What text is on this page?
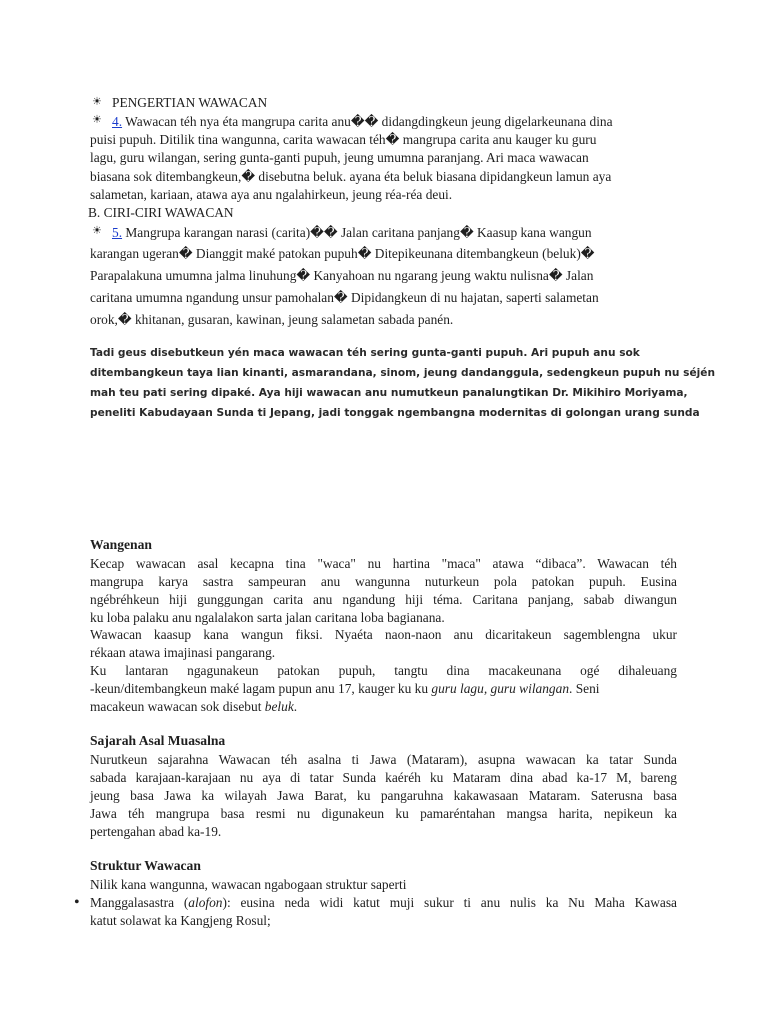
☀ PENGERTIAN WAWACAN
☀ 4. Wawacan téh nya éta mangrupa carita anu�� didangdingkeun jeung digelarkeunana dina
puisi pupuh. Ditilik tina wangunna, carita wawacan téh� mangrupa carita anu kauger ku guru
lagu, guru wilangan, sering gunta-ganti pupuh, jeung umumna paranjang. Ari maca wawacan
biasana sok ditembangkeun,� disebutna beluk. ayana éta beluk biasana dipidangkeun lamun aya
salametan, kariaan, atawa aya anu ngalahirkeun, jeung réa-réa deui.
B. CIRI-CIRI WAWACAN
☀ 5. Mangrupa karangan narasi (carita)�� Jalan caritana panjang� Kaasup kana wangun
karangan ugeran� Dianggit maké patokan pupuh� Ditepikeunana ditembangkeun (beluk)�
Parapalakuna umumna jalma linuhung� Kanyahoan nu ngarang jeung waktu nulisna� Jalan
caritana umumna ngandung unsur pamohalan� Dipidangkeun di nu hajatan, saperti salametan
orok,� khitanan, gusaran, kawinan, jeung salametan sabada panén.
Tadi geus disebutkeun yén maca wawacan téh sering gunta-ganti pupuh. Ari pupuh anu sok
ditembangkeun taya lian kinanti, asmarandana, sinom, jeung dandanggula, sedengkeun pupuh nu séjén
mah teu pati sering dipaké. Aya hiji wawacan anu numutkeun panalungtikan Dr. Mikihiro Moriyama,
peneliti Kabudayaan Sunda ti Jepang, jadi tonggak ngembangna modernitas di golongan urang sunda
Wangenan
Kecap wawacan asal kecapna tina "waca" nu hartina "maca" atawa “dibaca”. Wawacan téh
mangrupa karya sastra sampeuran anu wangunna nuturkeun pola patokan pupuh. Eusina
ngébréhkeun hiji gunggungan carita anu ngandung hiji téma. Caritana panjang, sabab diwangun
ku loba palaku anu ngalalakon sarta jalan caritana loba bagianana.
Wawacan kaasup kana wangun fiksi. Nyaéta naon-naon anu dicaritakeun sagemblengna ukur
rékaan atawa imajinasi pangarang.
Ku lantaran ngagunakeun patokan pupuh, tangtu dina macakeunana ogé dihaleuang
-keun/ditembangkeun maké lagam pupun anu 17, kauger ku ku guru lagu, guru wilangan. Seni
macakeun wawacan sok disebut beluk.
Sajarah Asal Muasalna
Nurutkeun sajarahna Wawacan téh asalna ti Jawa (Mataram), asupna wawacan ka tatar Sunda
sabada karajaan-karajaan nu aya di tatar Sunda kaéréh ku Mataram dina abad ka-17 M, bareng
jeung basa Jawa ka wilayah Jawa Barat, ku pangaruhna kakawasaan Mataram. Saterusna basa
Jawa téh mangrupa basa resmi nu digunakeun ku pamaréntahan mangsa harita, nepikeun ka
pertengahan abad ka-19.
Struktur Wawacan
Nilik kana wangunna, wawacan ngabogaan struktur saperti
• Manggalasastra (alofon): eusina neda widi katut muji sukur ti anu nulis ka Nu Maha Kawasa
katut solawat ka Kangjeng Rosul;
